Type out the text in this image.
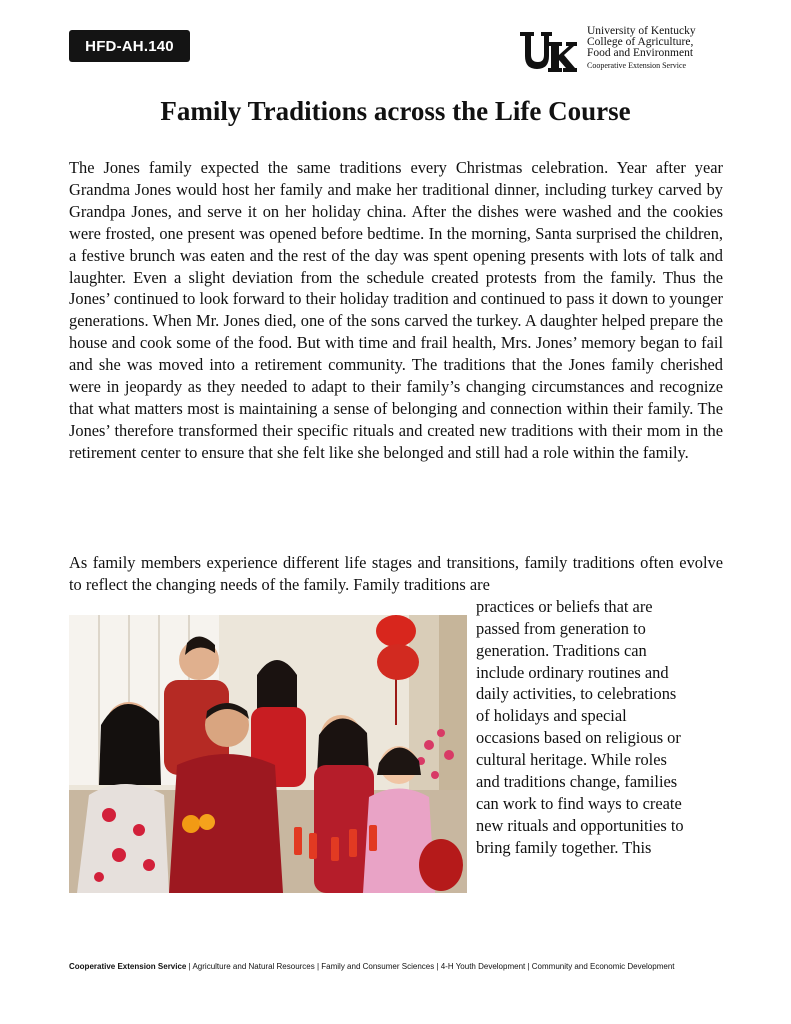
HFD-AH.140
University of Kentucky
College of Agriculture,
Food and Environment
Cooperative Extension Service
Family Traditions across the Life Course

The Jones family expected the same traditions every Christmas celebration. Year after year Grandma Jones would host her family and make her traditional dinner, including turkey carved by Grandpa Jones, and serve it on her holiday china. After the dishes were washed and the cookies were frosted, one present was opened before bedtime. In the morning, Santa surprised the children, a festive brunch was eaten and the rest of the day was spent opening presents with lots of talk and laughter. Even a slight deviation from the schedule created protests from the family. Thus the Jones’ continued to look forward to their holiday tradition and continued to pass it down to younger generations. When Mr. Jones died, one of the sons carved the turkey. A daughter helped prepare the house and cook some of the food. But with time and frail health, Mrs. Jones’ memory began to fail and she was moved into a retirement community. The traditions that the Jones family cherished were in jeopardy as they needed to adapt to their family’s changing circumstances and recognize that what matters most is maintaining a sense of belonging and connection within their family. The Jones’ therefore transformed their specific rituals and created new traditions with their mom in the retirement center to ensure that she felt like she belonged and still had a role within the family.

As family members experience different life stages and transitions, family traditions often evolve to reflect the changing needs of the family. Family traditions are
practices or beliefs that are
passed from generation to
generation. Traditions can
include ordinary routines and
daily activities, to celebrations
of holidays and special
occasions based on religious or
cultural heritage. While roles
and traditions change, families
can work to find ways to create
new rituals and opportunities to
bring family together. This
Cooperative Extension Service | Agriculture and Natural Resources | Family and Consumer Sciences | 4-H Youth Development | Community and Economic Development
